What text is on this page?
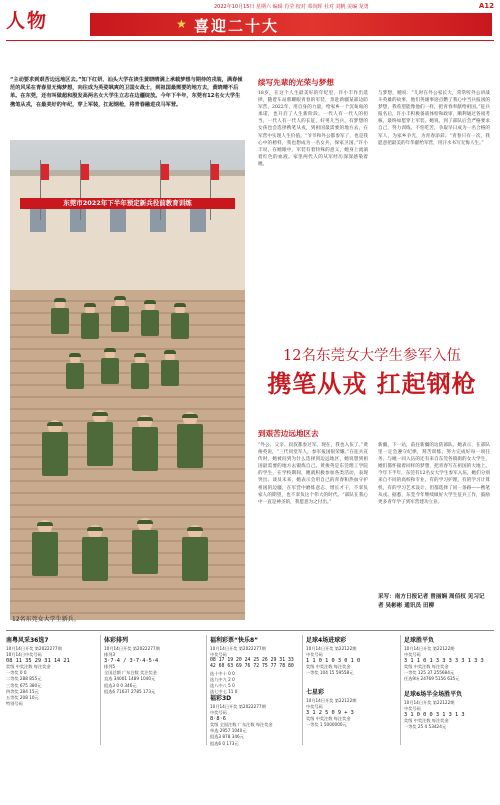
人物
2022年10月15日 星期六 编辑 肖莹 校对 邓尚晖 社对 刘帆 美编 龙勇	A12
★ 喜迎二十大
“主动要求到艰苦边远地区去。”知下红妍、汕头大学在读生黄晓晴满上承载梦想与期待的戎装，满春倾范的风采在青春里无悔梦想，向往成为英姿飒爽的卫国女战士，到祖国最需要的地方去，黄晓晴不后单。在东莞，还有叫做超和殷发高两名女大学生立志在边疆绽放。今年下半年，东莞有12名女大学生携笔从戎，在最美好的年纪，穿上军装，扛起钢枪，将青春融进戎马军营。
东莞市2022年下半年预定新兵役前教育训练
12名东莞女大学生新兵。
续写先辈的光荣与梦想
18岁，在这个人生最美好的年纪里，许小丰作出选择，随着车站那耀眼青春的军装，奔赴新疆某部边防军营，2022年，用自身的力量，给家乡一个沉甸甸的承诺，也开启了人生新阶段。一代人有一代人的担当，一代人有一代人的长征，好男儿当兵，有梦想的女孩也会选择携笔从戎，到祖国最需要的地方去，在军营中实现人生价值。“爷爷和外公都参军了，也是我心中的榜样，我也想成为一名女兵，保家卫国。”许小丰说，在她眼中，军装有着特殊的意义，她身上流淌着红色的血液。家里两代人的从军经历深深感染着她。
与梦想，她说：“儿时在外公家长大，常常听外公讲战斗英雄的故事，他们英雄事迹点燃了我心中当兵报国的梦想，我希望能像他们一样，把青春奉献给祖国。”征兵报名后，许小丰积极备战体检和政审，顺利通过各项考核，最终如愿穿上军装。她说，到了部队后会严格要求自己，努力训练，不怕吃苦，争取早日成为一名合格的军人，为家乡争光，为青春添彩。“青春只有一次，我愿意把最美的年华献给军营，用汗水书写无悔人生。”
12名东莞女大学生参军入伍
携笔从戎 扛起钢枪
到艰苦边远地区去
“外公、父亲、叔叔都参过军，现在，我也入伍了。”黄俊英说，“三代同堂军人，参军报国很荣耀。”在征兵宣传时，她被问到为什么选择到边远地区，她说想到祖国最需要的地方去锻炼自己。黄俊英是东莞理工学院的学生，在学校期间，她就积极参加各类活动，表现突出。谈及未来，她表示会用自己的青春和热血守护祖国的边疆，在军营中磨炼意志、增长才干，不辜负家人的期望，也不辜负这个伟大的时代。“部队在我心中一直是神圣的，我愿意为之付出。”
新疆，下一站，前往新疆的边防部队。她表示，在部队里一定会遵守纪律，刻苦训练，努力完成好每一项任务。与她一同入伍的还有来自东莞各镇街的女大学生，她们都怀揣着同样的梦想，把青春写在祖国的大地上。今年下半年，东莞有12名女大学生参军入伍，她们分别来自不同的高校和专业，有的学习护理，有的学习计算机，有的学习艺术设计，但都选择了同一条路——携笔从戎。据悉，东莞今年继续做好大学生征兵工作，鼓励更多青年学子到军营建功立业。
采写：南方日报记者 曾丽娴 周佰权 见习记者 吴彬彬 通讯员 田柳
南粤风采36选7

10月14日开奖 第2022277期

10月14日中奖号码

08 11 35 29 31 14 21

奖级 中奖注数 每注奖金

一等奖 0 0

二等奖 288 855元

三等奖 675 380元

四等奖 284 15元

五等奖 208 10元

特别号码

体彩排列

10月14日开奖 第2022277期

排列3

3·7·4 / 3·7·4·5·4

排列5

全国总额 广东注数 奖注奖金

直选 34001 1489 1040元

组选3 0 0 346元

组选6 71637 2785 173元

福利彩票“快乐8”

10月14日开奖 第2022277期

中奖号码

08 17 19 20 24 25 26 29 31 33 42 60 63 69 76 72 75 77 78 80

选十中十 0 0

选九中九 2 0

选八中八 5 0

选七中七 11 0

福彩3D

10月14日开奖 第2022277期

中奖号码

8·8·6

奖级 全国注数 广东注数 每注奖金

单选 2957 1040元

组选3 878 346元

组选6 0 173元

足球4场进球彩

10月14日开奖 第22122期

中奖号码

1 1 0 1 0 3 0 1 0

奖级 中奖注数 每注奖金

一等奖 104 15 59558元

七星彩

10月14日开奖 第22122期

中奖号码

3 1 2 5 0 9 + 3

奖级 中奖注数 每注奖金

一等奖 1 5000000元

足球胜平负

10月14日开奖 第22122期

中奖号码

3 1 1 0 1 3 3 3 3 3 1 3 3

奖级 中奖注数 每注奖金

一等奖 125 37 255684元

任选9场 24769 5156 635元

足球6场半全场胜平负

10月14日开奖 第22122期

中奖号码

3 1 0 0 0 3 1 3 1 3

奖级 中奖注数 每注奖金

一等奖 25 4 53424元
